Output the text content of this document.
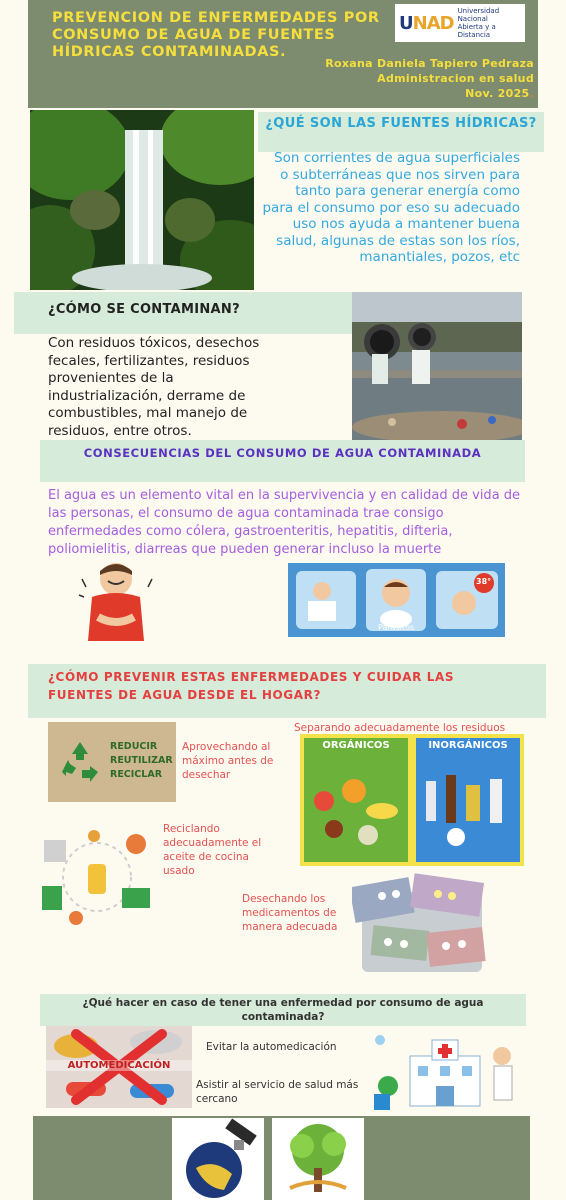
PREVENCION DE ENFERMEDADES POR CONSUMO DE AGUA DE FUENTES HÍDRICAS CONTAMINADAS.
UNAD
Universidad Nacional
Abierta y a Distancia
Roxana Daniela Tapiero Pedraza
Administracion en salud
Nov. 2025.
¿QUÉ SON LAS FUENTES HÍDRICAS?
Son corrientes de agua superficiales o subterráneas que nos sirven para tanto para generar energía como para el consumo por eso su adecuado uso nos ayuda a mantener buena salud, algunas de estas son los ríos, manantiales, pozos, etc
¿CÓMO SE CONTAMINAN?
Con residuos tóxicos, desechos fecales, fertilizantes, residuos provenientes de la industrialización, derrame de combustibles, mal manejo de residuos, entre otros.
CONSECUENCIAS DEL CONSUMO DE AGUA CONTAMINADA
El agua es un elemento vital en la supervivencia y en calidad de vida de las personas, el consumo de agua contaminada trae consigo enfermedades como cólera, gastroenteritis, hepatitis, difteria, poliomielitis, diarreas que pueden generar incluso la muerte
38°
Parasitos
¿CÓMO PREVENIR ESTAS ENFERMEDADES Y CUIDAR LAS FUENTES DE AGUA DESDE EL HOGAR?
REDUCIR
REUTILIZAR
RECICLAR
Aprovechando al máximo antes de desechar
Separando adecuadamente los residuos
ORGÁNICOS	INORGÁNICOS
Reciclando adecuadamente el aceite de cocina usado
Desechando los medicamentos de manera adecuada
¿Qué hacer en caso de tener una enfermedad por consumo de agua contaminada?
AUTOMEDICACIÓN
Evitar la automedicación
Asistir al servicio de salud más cercano
